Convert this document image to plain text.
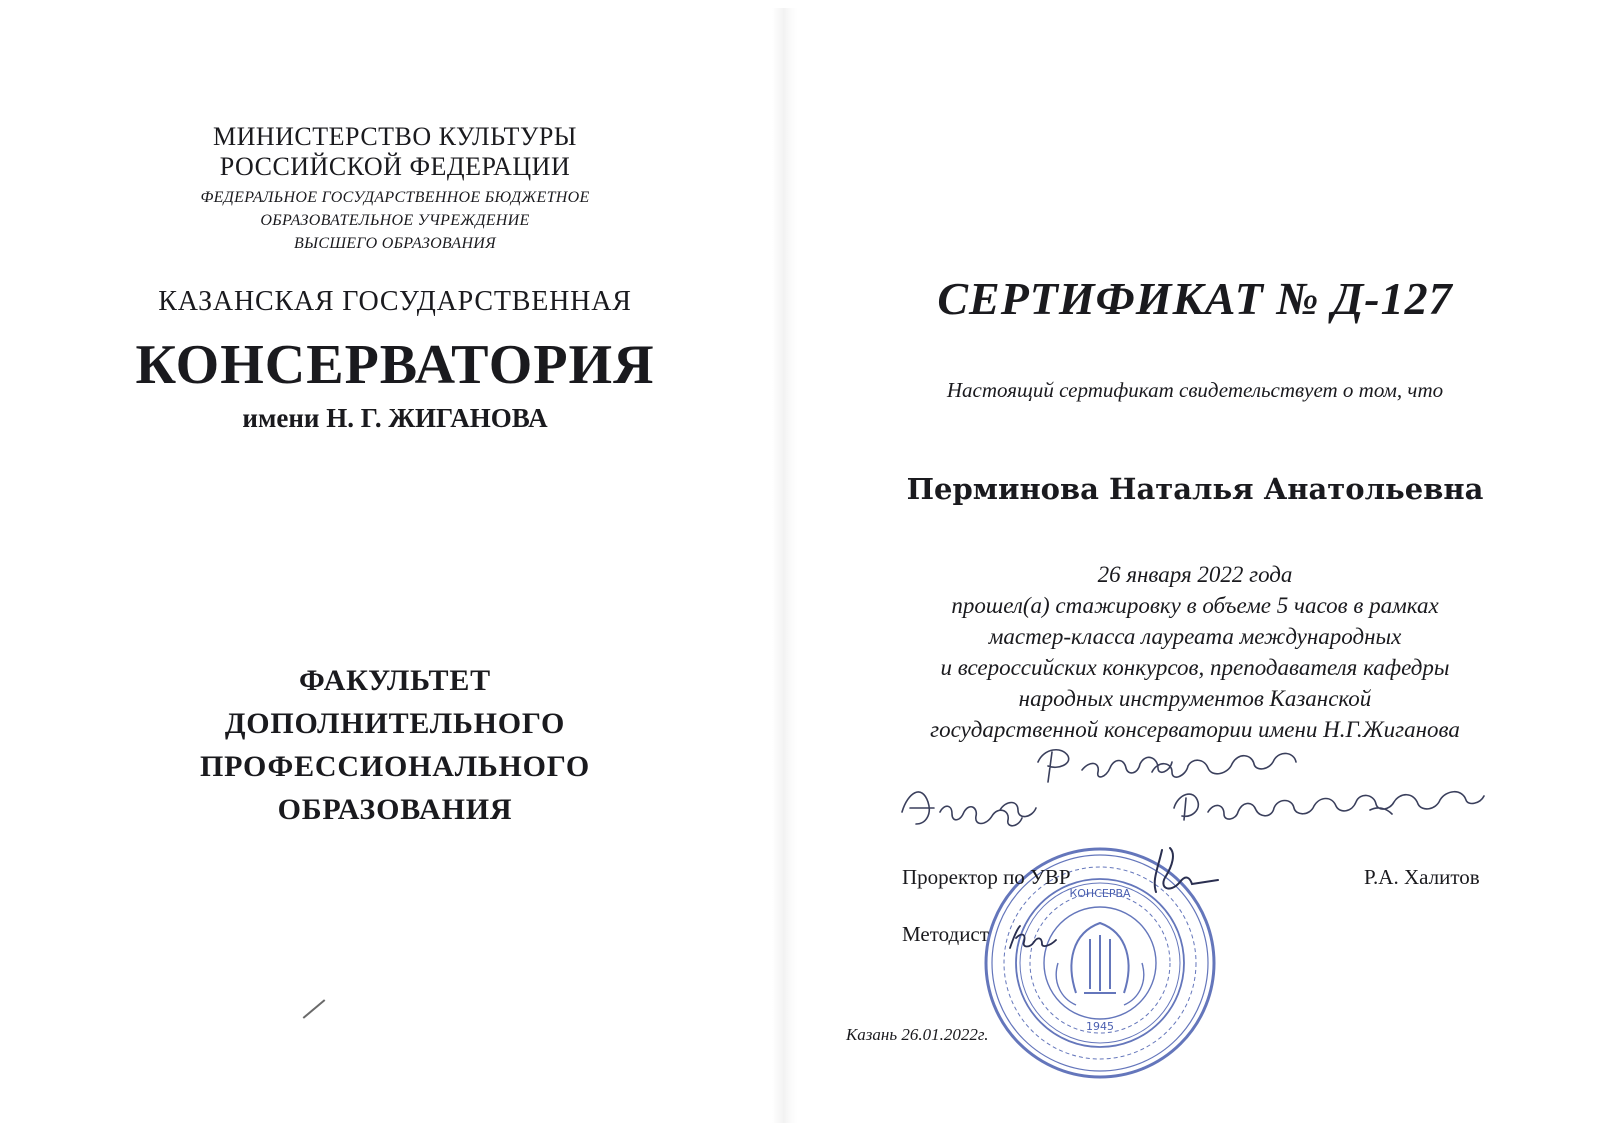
МИНИСТЕРСТВО КУЛЬТУРЫ
РОССИЙСКОЙ ФЕДЕРАЦИИ
ФЕДЕРАЛЬНОЕ ГОСУДАРСТВЕННОЕ БЮДЖЕТНОЕ
ОБРАЗОВАТЕЛЬНОЕ УЧРЕЖДЕНИЕ
ВЫСШЕГО ОБРАЗОВАНИЯ
КАЗАНСКАЯ ГОСУДАРСТВЕННАЯ
КОНСЕРВАТОРИЯ
имени Н. Г. ЖИГАНОВА
ФАКУЛЬТЕТ
ДОПОЛНИТЕЛЬНОГО
ПРОФЕССИОНАЛЬНОГО
ОБРАЗОВАНИЯ
СЕРТИФИКАТ № Д-127
Настоящий сертификат свидетельствует о том, что
Перминова Наталья Анатольевна
26 января 2022 года
прошел(а) стажировку в объеме 5 часов в рамках
мастер-класса лауреата международных
и всероссийских конкурсов, преподавателя кафедры
народных инструментов Казанской
государственной консерватории имени Н.Г.Жиганова
КОНСЕРВА
1945
Проректор по УВР	Р.А. Халитов
Методист
Казань 26.01.2022г.
